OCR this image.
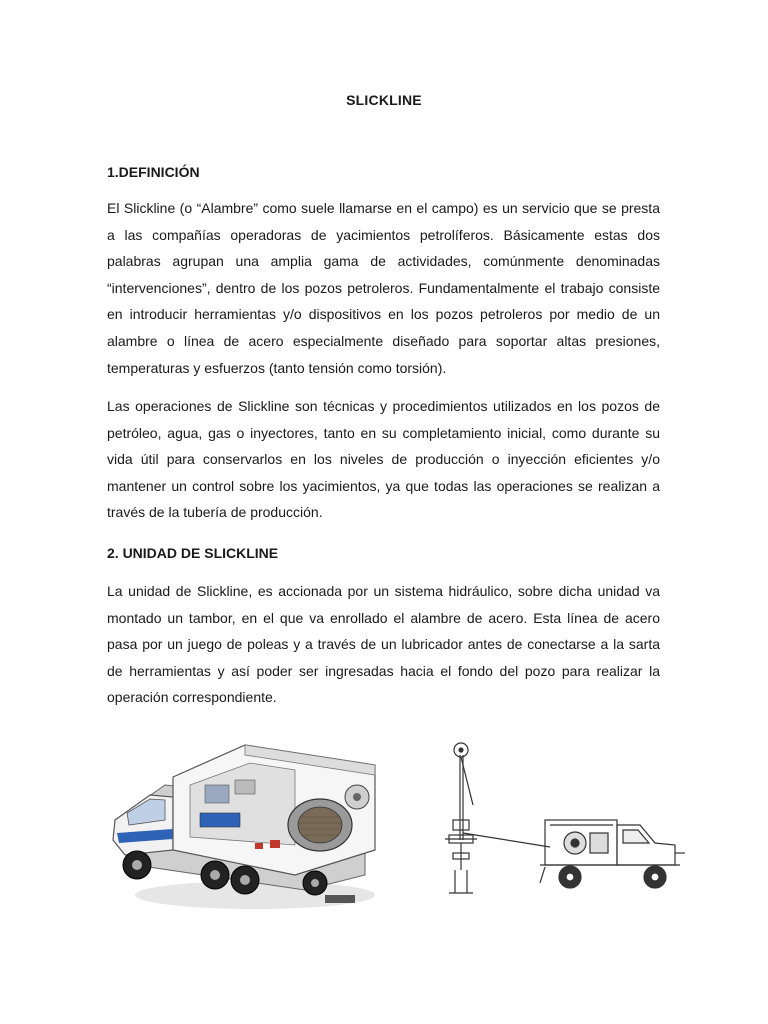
SLICKLINE
1.DEFINICIÓN

El Slickline (o “Alambre” como suele llamarse en el campo) es un servicio que se presta a las compañías operadoras de yacimientos petrolíferos. Básicamente estas dos palabras agrupan una amplia gama de actividades, comúnmente denominadas “intervenciones”, dentro de los pozos petroleros. Fundamentalmente el trabajo consiste en introducir herramientas y/o dispositivos en los pozos petroleros por medio de un alambre o línea de acero especialmente diseñado para soportar altas presiones, temperaturas y esfuerzos (tanto tensión como torsión).

Las operaciones de Slickline son técnicas y procedimientos utilizados en los pozos de petróleo, agua, gas o inyectores, tanto en su completamiento inicial, como durante su vida útil para conservarlos en los niveles de producción o inyección eficientes y/o mantener un control sobre los yacimientos, ya que todas las operaciones se realizan a través de la tubería de producción.

2. UNIDAD DE SLICKLINE

La unidad de Slickline, es accionada por un sistema hidráulico, sobre dicha unidad va montado un tambor, en el que va enrollado el alambre de acero. Esta línea de acero pasa por un juego de poleas y a través de un lubricador antes de conectarse a la sarta de herramientas y así poder ser ingresadas hacia el fondo del pozo para realizar la operación correspondiente.
